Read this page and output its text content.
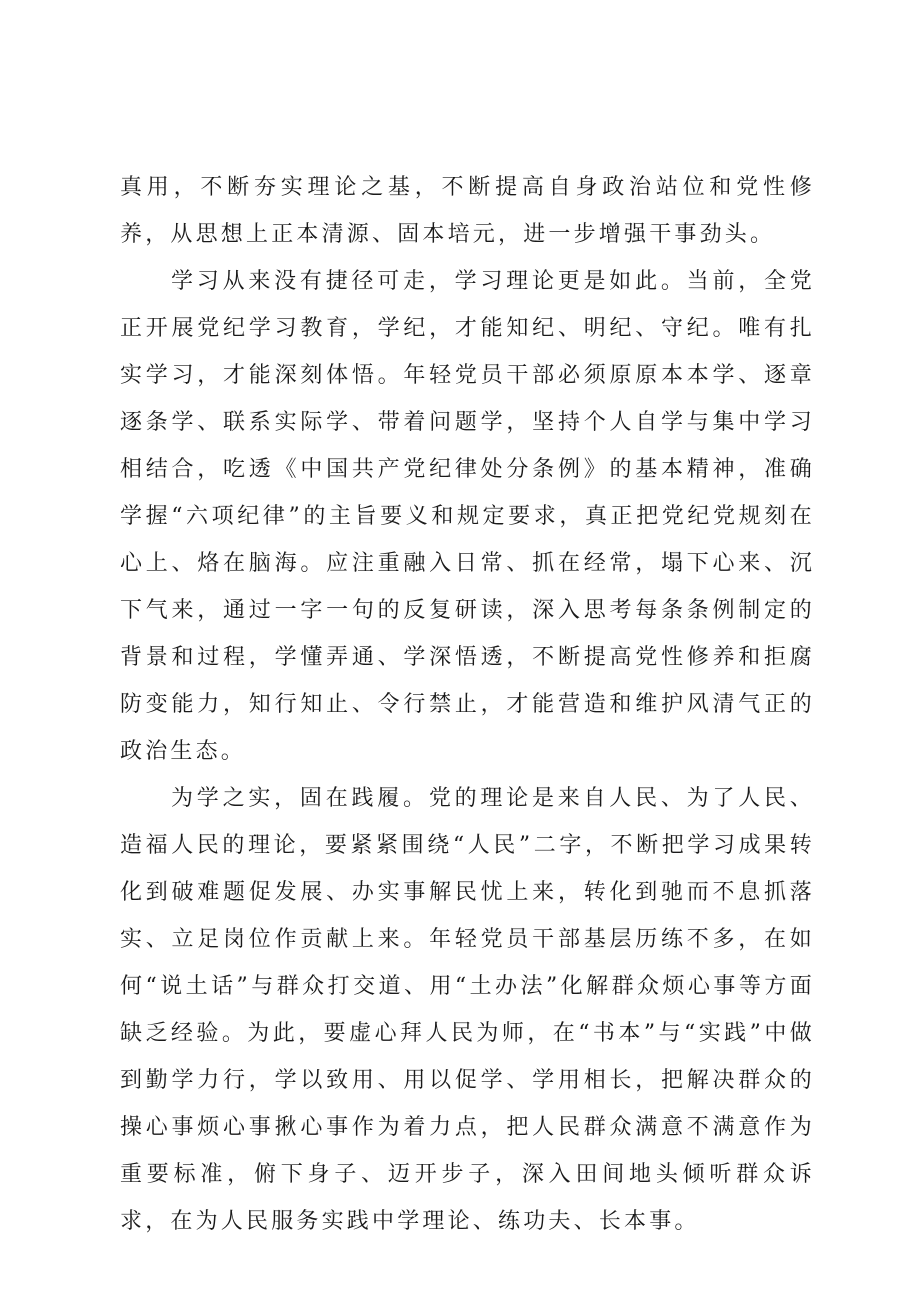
真用，不断夯实理论之基，不断提高自身政治站位和党性修养，从思想上正本清源、固本培元，进一步增强干事劲头。

学习从来没有捷径可走，学习理论更是如此。当前，全党正开展党纪学习教育，学纪，才能知纪、明纪、守纪。唯有扎实学习，才能深刻体悟。年轻党员干部必须原原本本学、逐章逐条学、联系实际学、带着问题学，坚持个人自学与集中学习相结合，吃透《中国共产党纪律处分条例》的基本精神，准确学握“六项纪律”的主旨要义和规定要求，真正把党纪党规刻在心上、烙在脑海。应注重融入日常、抓在经常，塌下心来、沉下气来，通过一字一句的反复研读，深入思考每条条例制定的背景和过程，学懂弄通、学深悟透，不断提高党性修养和拒腐防变能力，知行知止、令行禁止，才能营造和维护风清气正的政治生态。

为学之实，固在践履。党的理论是来自人民、为了人民、造福人民的理论，要紧紧围绕“人民”二字，不断把学习成果转化到破难题促发展、办实事解民忧上来，转化到驰而不息抓落实、立足岗位作贡献上来。年轻党员干部基层历练不多，在如何“说土话”与群众打交道、用“土办法”化解群众烦心事等方面缺乏经验。为此，要虚心拜人民为师，在“书本”与“实践”中做到勤学力行，学以致用、用以促学、学用相长，把解决群众的操心事烦心事揪心事作为着力点，把人民群众满意不满意作为重要标准，俯下身子、迈开步子，深入田间地头倾听群众诉求，在为人民服务实践中学理论、练功夫、长本事。
